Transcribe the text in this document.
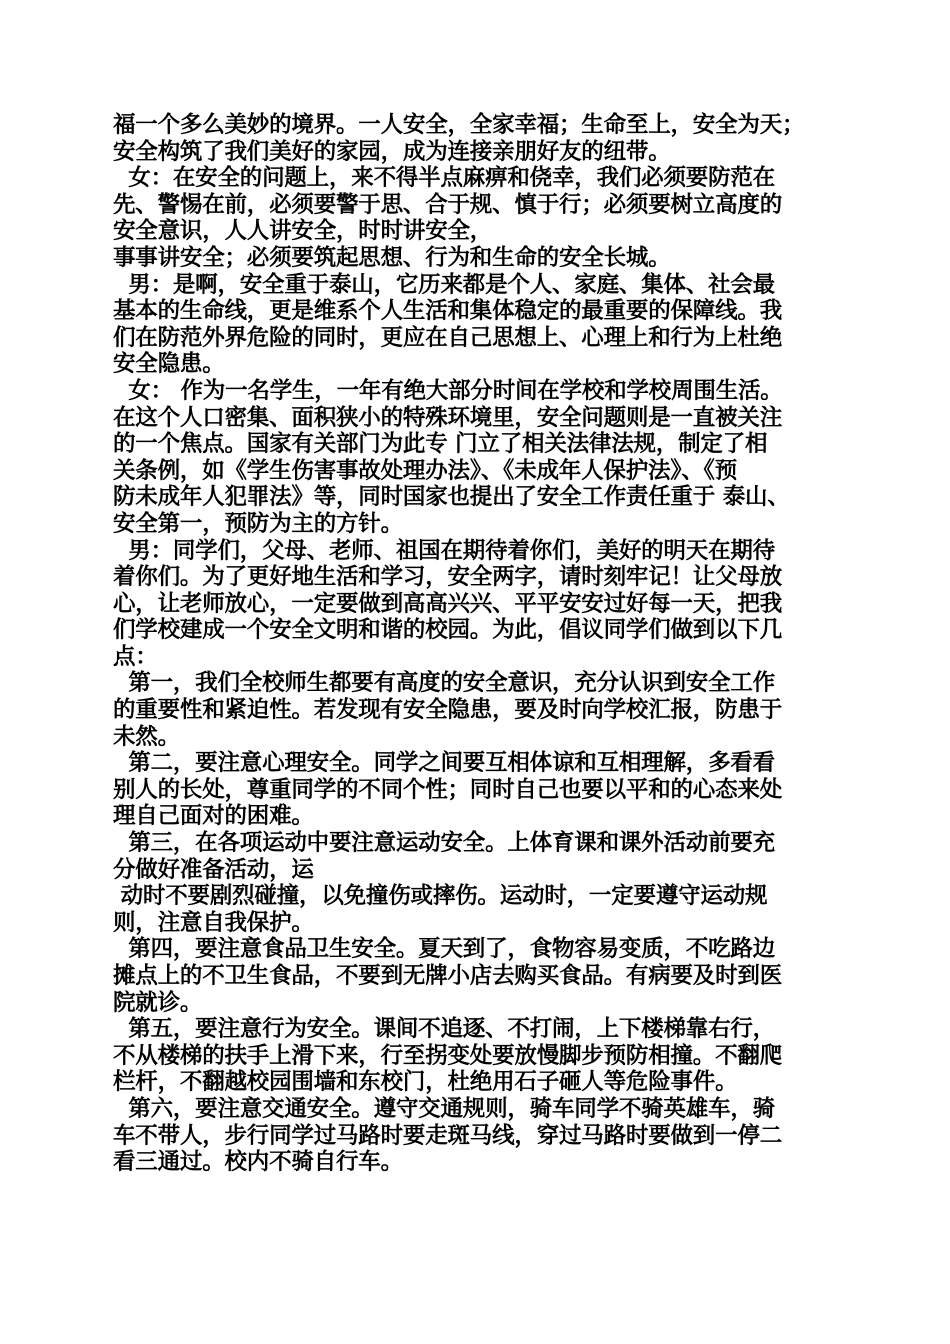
福一个多么美妙的境界。一人安全，全家幸福；生命至上，安全为天；
安全构筑了我们美好的家园，成为连接亲朋好友的纽带。
女：在安全的问题上，来不得半点麻痹和侥幸，我们必须要防范在
先、警惕在前，必须要警于思、合于规、慎于行；必须要树立高度的
安全意识，人人讲安全，时时讲安全，
事事讲安全；必须要筑起思想、行为和生命的安全长城。
男：是啊，安全重于泰山，它历来都是个人、家庭、集体、社会最
基本的生命线，更是维系个人生活和集体稳定的最重要的保障线。我
们在防范外界危险的同时，更应在自己思想上、心理上和行为上杜绝
安全隐患。
女： 作为一名学生，一年有绝大部分时间在学校和学校周围生活。
在这个人口密集、面积狭小的特殊环境里，安全问题则是一直被关注
的一个焦点。国家有关部门为此专 门立了相关法律法规，制定了相
关条例，如《学生伤害事故处理办法》、《未成年人保护法》、《预
防未成年人犯罪法》等，同时国家也提出了安全工作责任重于 泰山、
安全第一，预防为主的方针。
男：同学们，父母、老师、祖国在期待着你们，美好的明天在期待
着你们。为了更好地生活和学习，安全两字，请时刻牢记！让父母放
心，让老师放心，一定要做到高高兴兴、平平安安过好每一天，把我
们学校建成一个安全文明和谐的校园。为此，倡议同学们做到以下几
点：
第一，我们全校师生都要有高度的安全意识，充分认识到安全工作
的重要性和紧迫性。若发现有安全隐患，要及时向学校汇报，防患于
未然。
第二，要注意心理安全。同学之间要互相体谅和互相理解，多看看
别人的长处，尊重同学的不同个性；同时自己也要以平和的心态来处
理自己面对的困难。
第三，在各项运动中要注意运动安全。上体育课和课外活动前要充
分做好准备活动，运
动时不要剧烈碰撞，以免撞伤或摔伤。运动时，一定要遵守运动规
则，注意自我保护。
第四，要注意食品卫生安全。夏天到了，食物容易变质，不吃路边
摊点上的不卫生食品，不要到无牌小店去购买食品。有病要及时到医
院就诊。
第五，要注意行为安全。课间不追逐、不打闹，上下楼梯靠右行，
不从楼梯的扶手上滑下来，行至拐变处要放慢脚步预防相撞。不翻爬
栏杆，不翻越校园围墙和东校门，杜绝用石子砸人等危险事件。
第六，要注意交通安全。遵守交通规则，骑车同学不骑英雄车，骑
车不带人，步行同学过马路时要走斑马线，穿过马路时要做到一停二
看三通过。校内不骑自行车。
